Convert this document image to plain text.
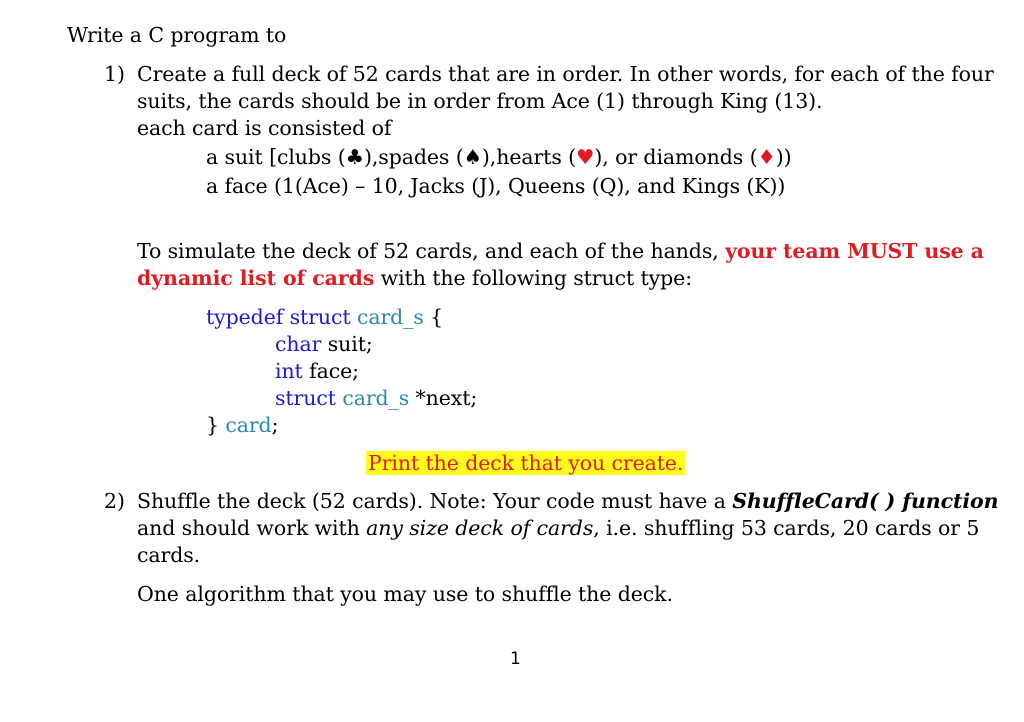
Write a C program to
1) Create a full deck of 52 cards that are in order. In other words, for each of the four
suits, the cards should be in order from Ace (1) through King (13).
each card is consisted of
a suit [clubs (♣),spades (♠),hearts (♥), or diamonds (♦))
a face (1(Ace) – 10, Jacks (J), Queens (Q), and Kings (K))
To simulate the deck of 52 cards, and each of the hands, your team MUST use a
dynamic list of cards with the following struct type:
typedef struct card_s {
char suit;
int face;
struct card_s *next;
} card;
Print the deck that you create.
2) Shuffle the deck (52 cards). Note: Your code must have a ShuffleCard( ) function
and should work with any size deck of cards, i.e. shuffling 53 cards, 20 cards or 5
cards.
One algorithm that you may use to shuffle the deck.
1
